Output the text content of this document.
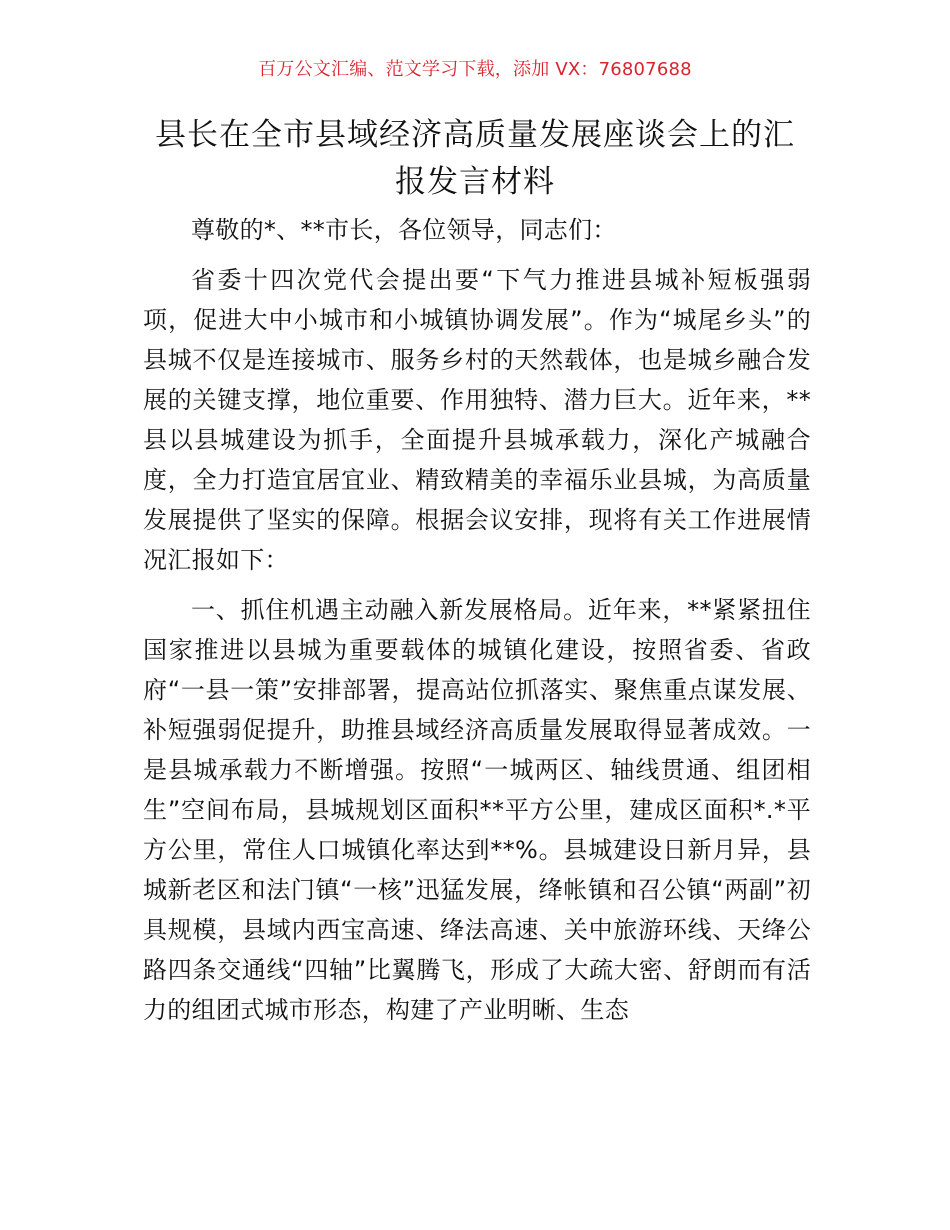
百万公文汇编、范文学习下载，添加 VX：76807688
县长在全市县域经济高质量发展座谈会上的汇
报发言材料

尊敬的*、**市长，各位领导，同志们：

省委十四次党代会提出要“下气力推进县城补短板强弱项，促进大中小城市和小城镇协调发展”。作为“城尾乡头”的县城不仅是连接城市、服务乡村的天然载体，也是城乡融合发展的关键支撑，地位重要、作用独特、潜力巨大。近年来，**县以县城建设为抓手，全面提升县城承载力，深化产城融合度，全力打造宜居宜业、精致精美的幸福乐业县城，为高质量发展提供了坚实的保障。根据会议安排，现将有关工作进展情况汇报如下：

一、抓住机遇主动融入新发展格局。近年来，**紧紧扭住国家推进以县城为重要载体的城镇化建设，按照省委、省政府“一县一策”安排部署，提高站位抓落实、聚焦重点谋发展、补短强弱促提升，助推县域经济高质量发展取得显著成效。一是县城承载力不断增强。按照“一城两区、轴线贯通、组团相生”空间布局，县城规划区面积**平方公里，建成区面积*.*平方公里，常住人口城镇化率达到**%。县城建设日新月异，县城新老区和法门镇“一核”迅猛发展，绛帐镇和召公镇“两副”初具规模，县域内西宝高速、绛法高速、关中旅游环线、天绛公路四条交通线“四轴”比翼腾飞，形成了大疏大密、舒朗而有活力的组团式城市形态，构建了产业明晰、生态
